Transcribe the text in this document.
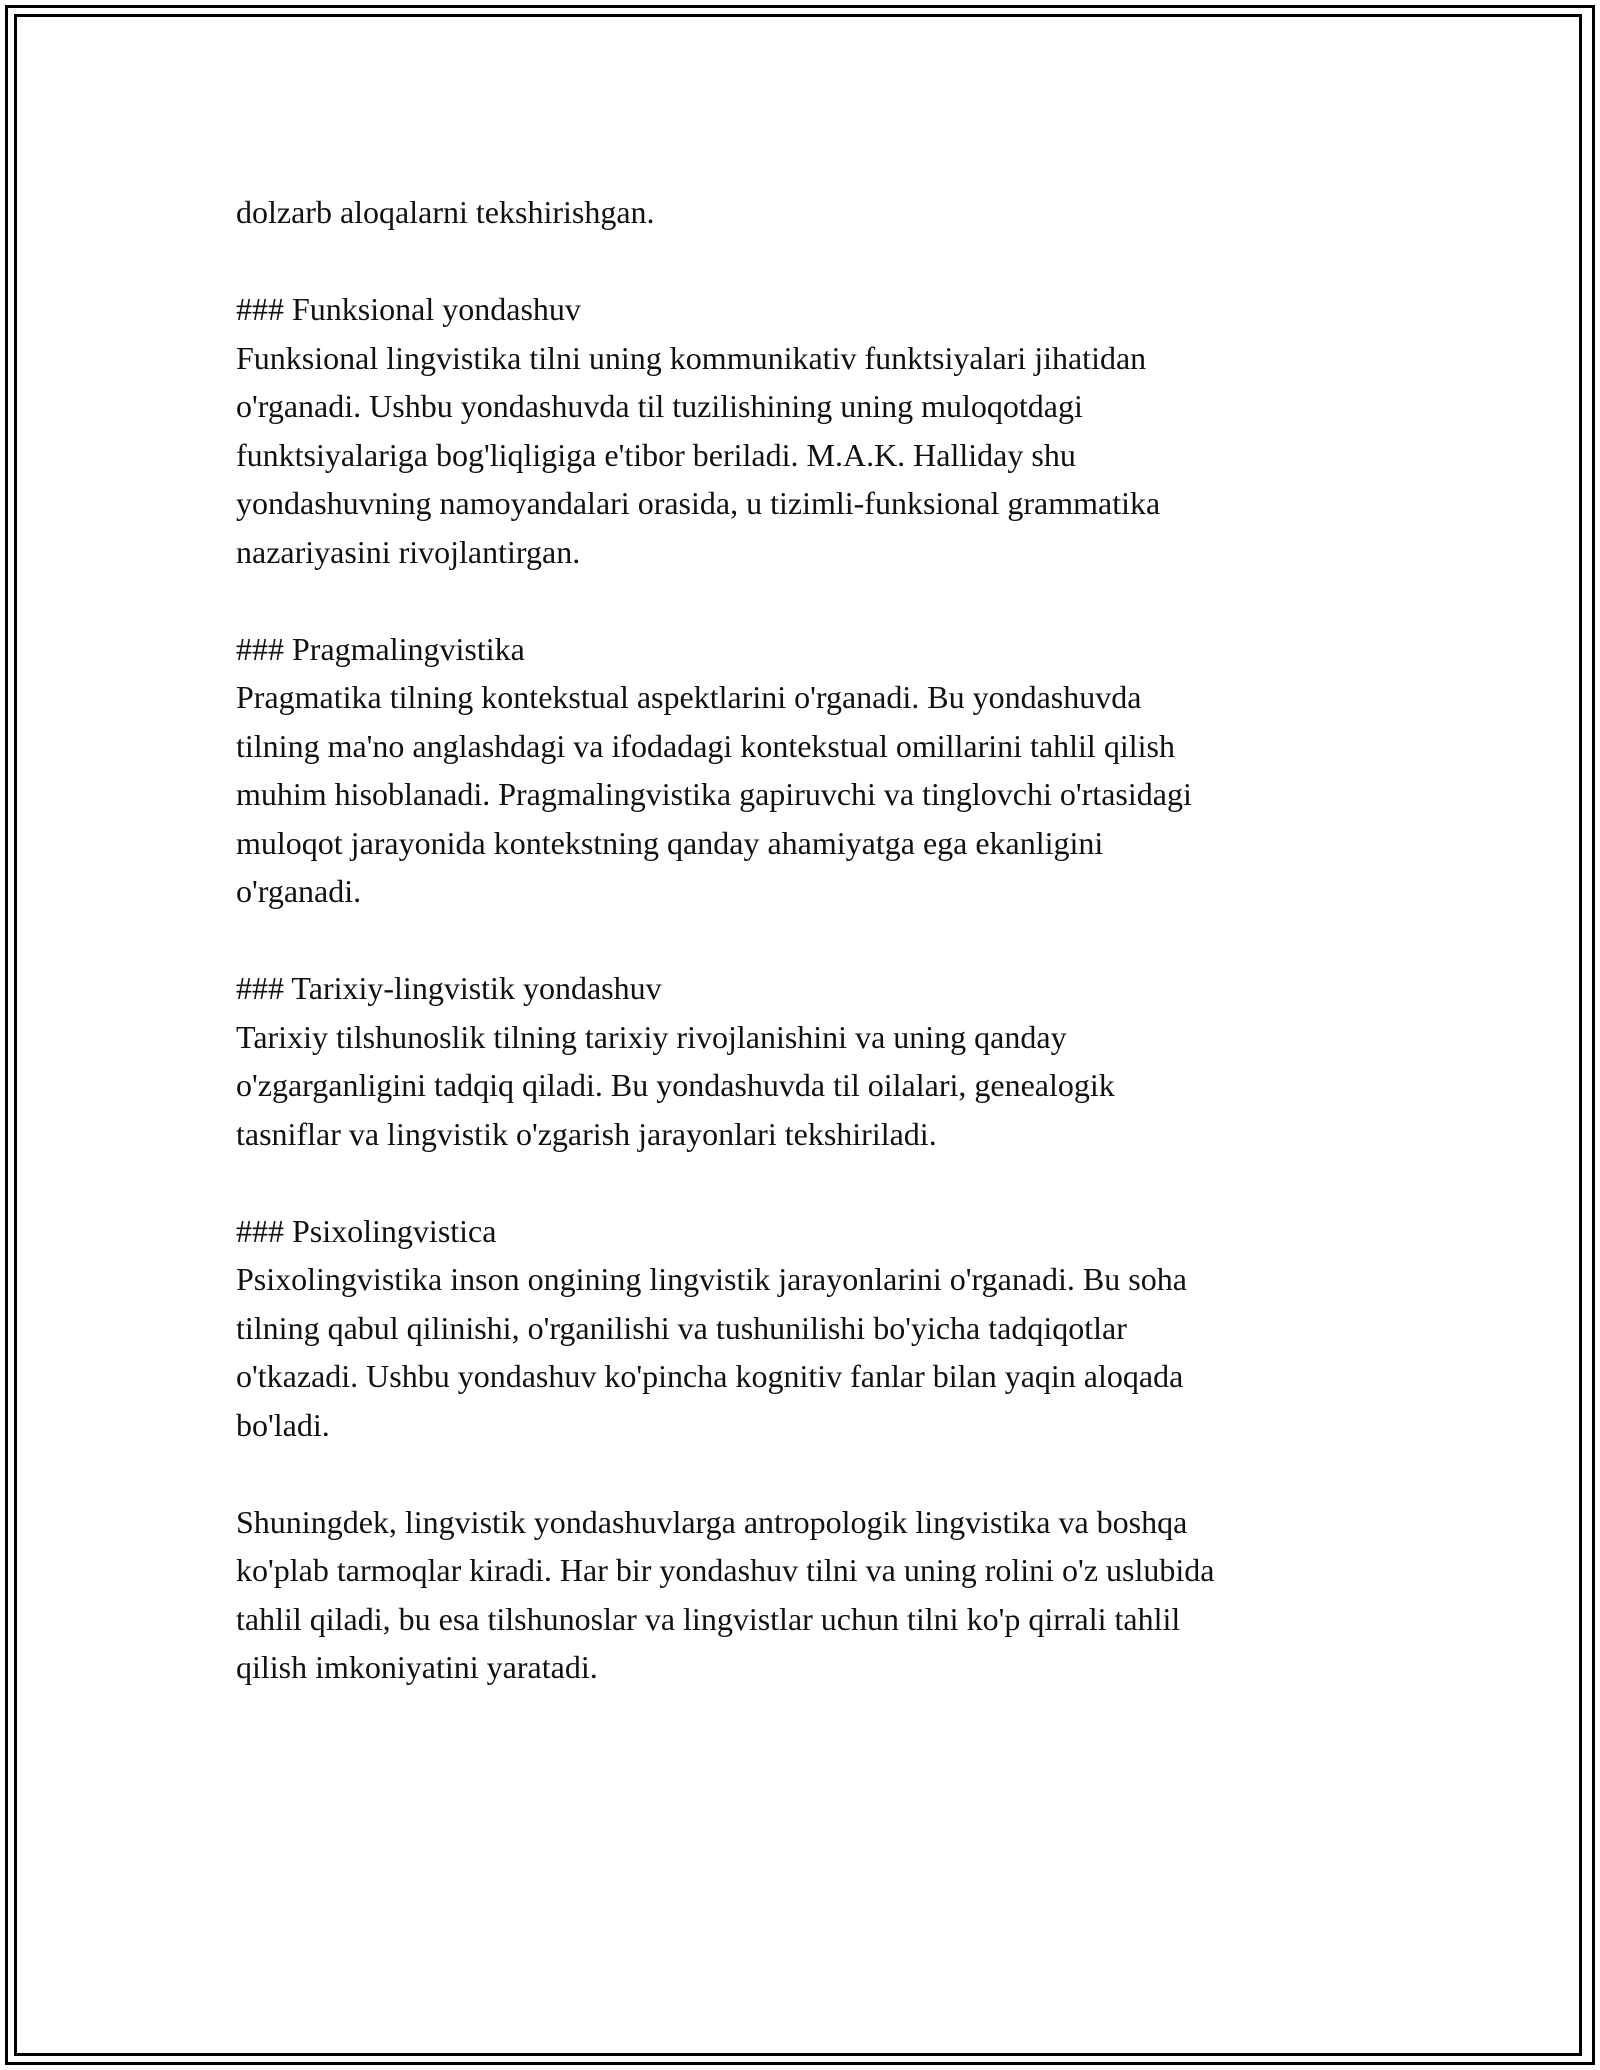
dolzarb aloqalarni tekshirishgan.
### Funksional yondashuv
Funksional lingvistika tilni uning kommunikativ funktsiyalari jihatidan
o'rganadi. Ushbu yondashuvda til tuzilishining uning muloqotdagi
funktsiyalariga bog'liqligiga e'tibor beriladi. M.A.K. Halliday shu
yondashuvning namoyandalari orasida, u tizimli-funksional grammatika
nazariyasini rivojlantirgan.
### Pragmalingvistika
Pragmatika tilning kontekstual aspektlarini o'rganadi. Bu yondashuvda
tilning ma'no anglashdagi va ifodadagi kontekstual omillarini tahlil qilish
muhim hisoblanadi. Pragmalingvistika gapiruvchi va tinglovchi o'rtasidagi
muloqot jarayonida kontekstning qanday ahamiyatga ega ekanligini
o'rganadi.
### Tarixiy-lingvistik yondashuv
Tarixiy tilshunoslik tilning tarixiy rivojlanishini va uning qanday
o'zgarganligini tadqiq qiladi. Bu yondashuvda til oilalari, genealogik
tasniflar va lingvistik o'zgarish jarayonlari tekshiriladi.
### Psixolingvistica
Psixolingvistika inson ongining lingvistik jarayonlarini o'rganadi. Bu soha
tilning qabul qilinishi, o'rganilishi va tushunilishi bo'yicha tadqiqotlar
o'tkazadi. Ushbu yondashuv ko'pincha kognitiv fanlar bilan yaqin aloqada
bo'ladi.
Shuningdek, lingvistik yondashuvlarga antropologik lingvistika va boshqa
ko'plab tarmoqlar kiradi. Har bir yondashuv tilni va uning rolini o'z uslubida
tahlil qiladi, bu esa tilshunoslar va lingvistlar uchun tilni ko'p qirrali tahlil
qilish imkoniyatini yaratadi.
